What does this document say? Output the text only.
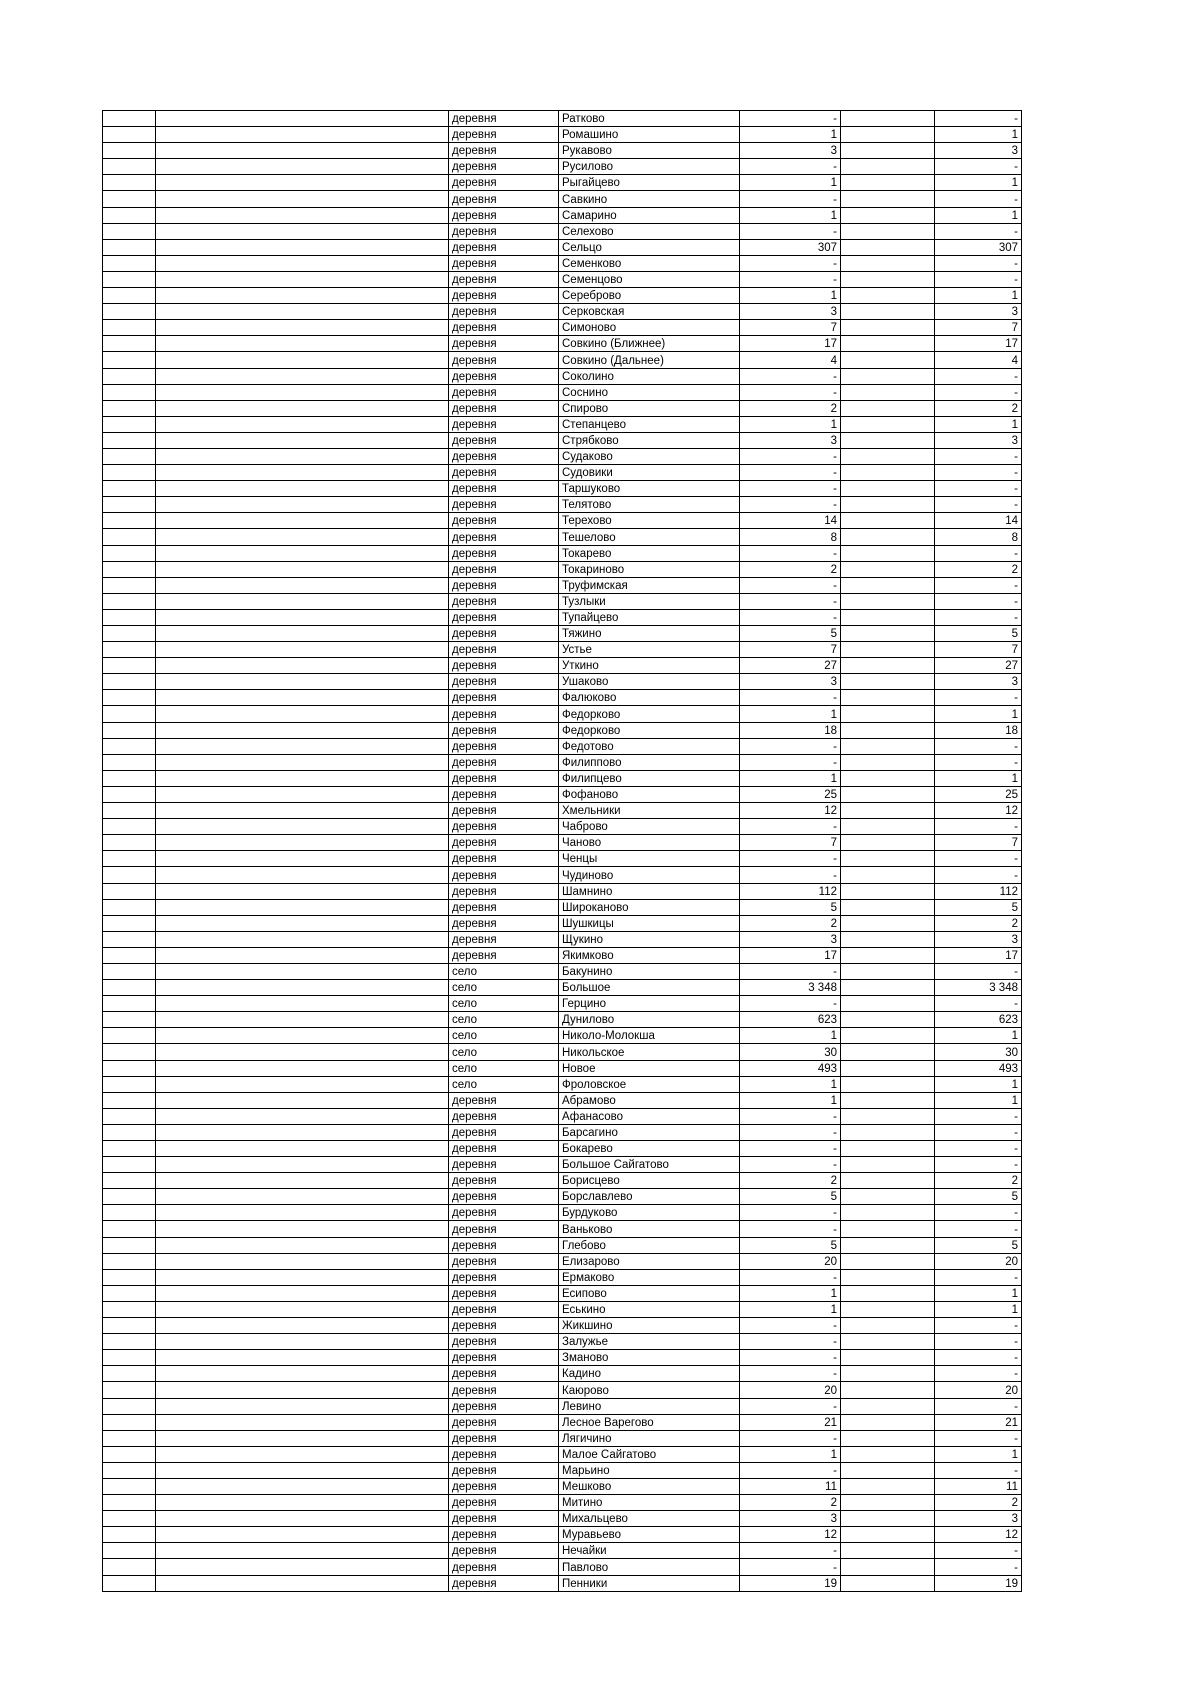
		деревня	Ратково	-		-
		деревня	Ромашино	1		1
		деревня	Рукавово	3		3
		деревня	Русилово	-		-
		деревня	Рыгайцево	1		1
		деревня	Савкино	-		-
		деревня	Самарино	1		1
		деревня	Селехово	-		-
		деревня	Сельцо	307		307
		деревня	Семенково	-		-
		деревня	Семенцово	-		-
		деревня	Сереброво	1		1
		деревня	Серковская	3		3
		деревня	Симоново	7		7
		деревня	Совкино (Ближнее)	17		17
		деревня	Совкино (Дальнее)	4		4
		деревня	Соколино	-		-
		деревня	Соснино	-		-
		деревня	Спирово	2		2
		деревня	Степанцево	1		1
		деревня	Стрябково	3		3
		деревня	Судаково	-		-
		деревня	Судовики	-		-
		деревня	Таршуково	-		-
		деревня	Телятово	-		-
		деревня	Терехово	14		14
		деревня	Тешелово	8		8
		деревня	Токарево	-		-
		деревня	Токариново	2		2
		деревня	Труфимская	-		-
		деревня	Тузлыки	-		-
		деревня	Тупайцево	-		-
		деревня	Тяжино	5		5
		деревня	Устье	7		7
		деревня	Уткино	27		27
		деревня	Ушаково	3		3
		деревня	Фалюково	-		-
		деревня	Федорково	1		1
		деревня	Федорково	18		18
		деревня	Федотово	-		-
		деревня	Филиппово	-		-
		деревня	Филипцево	1		1
		деревня	Фофаново	25		25
		деревня	Хмельники	12		12
		деревня	Чаброво	-		-
		деревня	Чаново	7		7
		деревня	Ченцы	-		-
		деревня	Чудиново	-		-
		деревня	Шамнино	112		112
		деревня	Широканово	5		5
		деревня	Шушкицы	2		2
		деревня	Щукино	3		3
		деревня	Якимково	17		17
		село	Бакунино	-		-
		село	Большое	3 348		3 348
		село	Герцино	-		-
		село	Дунилово	623		623
		село	Николо-Молокша	1		1
		село	Никольское	30		30
		село	Новое	493		493
		село	Фроловское	1		1
		деревня	Абрамово	1		1
		деревня	Афанасово	-		-
		деревня	Барсагино	-		-
		деревня	Бокарево	-		-
		деревня	Большое Сайгатово	-		-
		деревня	Борисцево	2		2
		деревня	Борславлево	5		5
		деревня	Бурдуково	-		-
		деревня	Ваньково	-		-
		деревня	Глебово	5		5
		деревня	Елизарово	20		20
		деревня	Ермаково	-		-
		деревня	Есипово	1		1
		деревня	Еськино	1		1
		деревня	Жикшино	-		-
		деревня	Залужье	-		-
		деревня	Зманово	-		-
		деревня	Кадино	-		-
		деревня	Каюрово	20		20
		деревня	Левино	-		-
		деревня	Лесное Варегово	21		21
		деревня	Лягичино	-		-
		деревня	Малое Сайгатово	1		1
		деревня	Марьино	-		-
		деревня	Мешково	11		11
		деревня	Митино	2		2
		деревня	Михальцево	3		3
		деревня	Муравьево	12		12
		деревня	Нечайки	-		-
		деревня	Павлово	-		-
		деревня	Пенники	19		19
